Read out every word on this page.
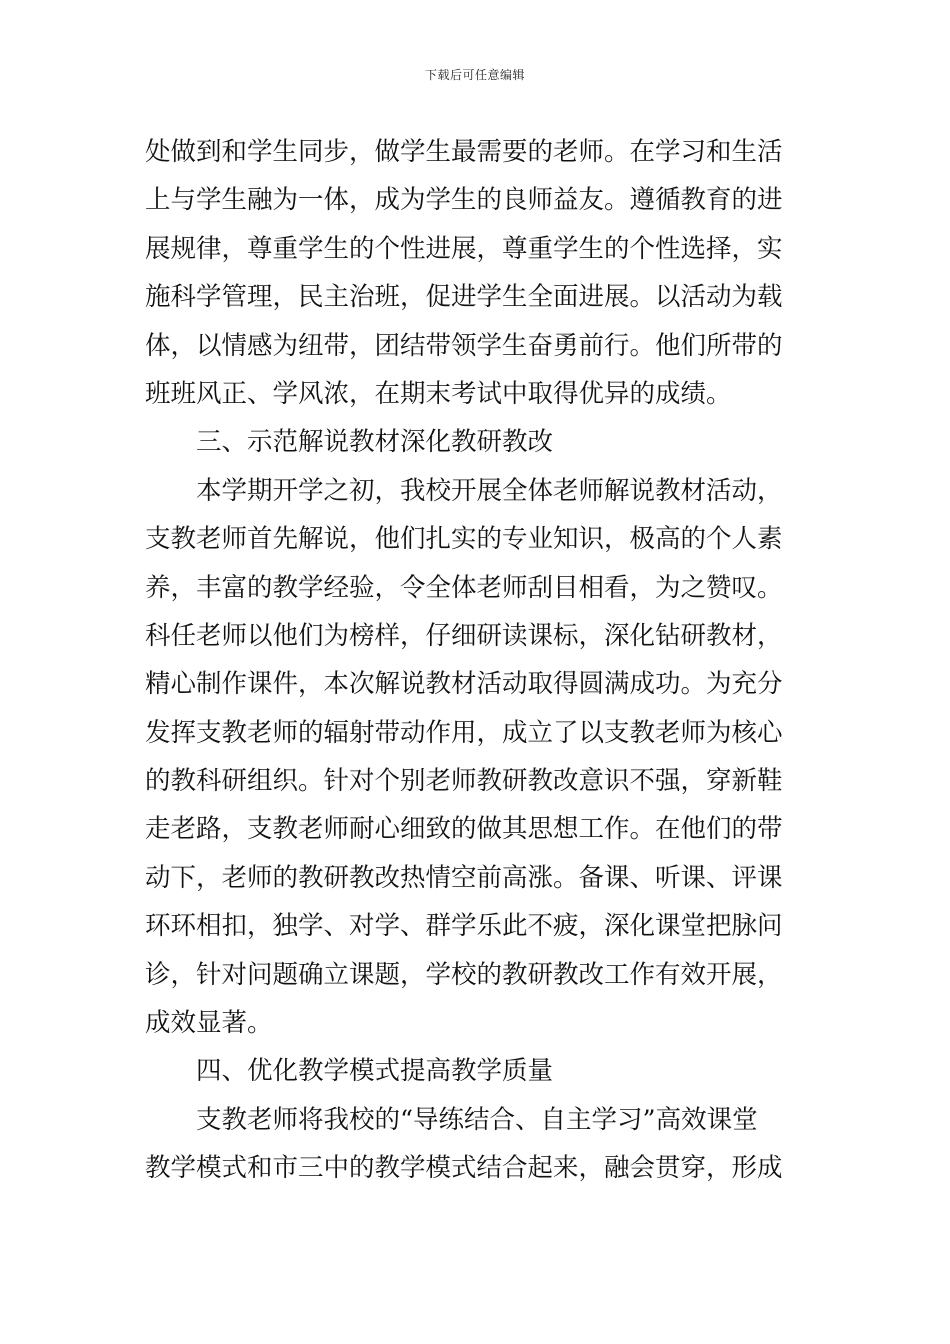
下载后可任意编辑
处做到和学生同步，做学生最需要的老师。在学习和生活
上与学生融为一体，成为学生的良师益友。遵循教育的进
展规律，尊重学生的个性进展，尊重学生的个性选择，实
施科学管理，民主治班，促进学生全面进展。以活动为载
体，以情感为纽带，团结带领学生奋勇前行。他们所带的
班班风正、学风浓，在期末考试中取得优异的成绩。
三、示范解说教材深化教研教改
本学期开学之初，我校开展全体老师解说教材活动，
支教老师首先解说，他们扎实的专业知识，极高的个人素
养，丰富的教学经验，令全体老师刮目相看，为之赞叹。
科任老师以他们为榜样，仔细研读课标，深化钻研教材，
精心制作课件，本次解说教材活动取得圆满成功。为充分
发挥支教老师的辐射带动作用，成立了以支教老师为核心
的教科研组织。针对个别老师教研教改意识不强，穿新鞋
走老路，支教老师耐心细致的做其思想工作。在他们的带
动下，老师的教研教改热情空前高涨。备课、听课、评课
环环相扣，独学、对学、群学乐此不疲，深化课堂把脉问
诊，针对问题确立课题，学校的教研教改工作有效开展，
成效显著。
四、优化教学模式提高教学质量
支教老师将我校的“导练结合、自主学习”高效课堂
教学模式和市三中的教学模式结合起来，融会贯穿，形成
